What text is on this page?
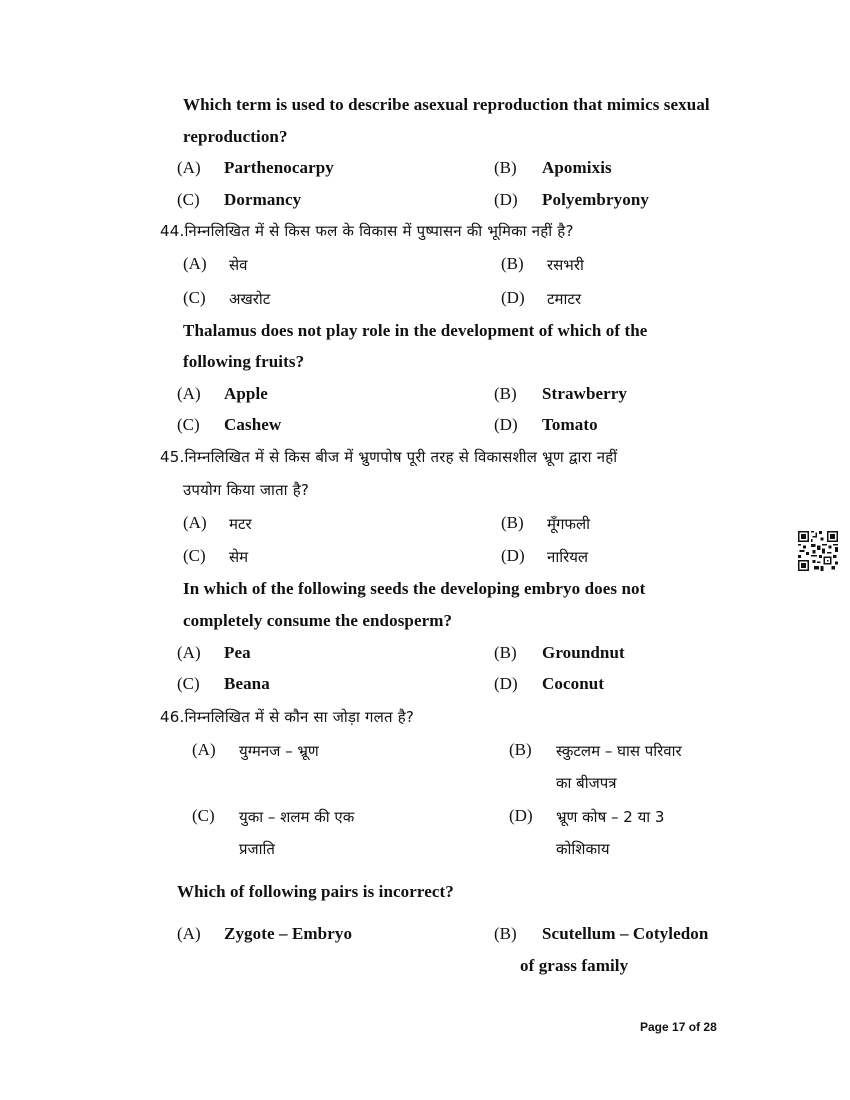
Which term is used to describe asexual reproduction that mimics sexual
reproduction?
(A) Parthenocarpy	(B) Apomixis
(C) Dormancy	(D) Polyembryony
44.निम्नलिखित में से किस फल के विकास में पुष्पासन की भूमिका नहीं है?
(A) सेव	(B) रसभरी
(C) अखरोट	(D) टमाटर
Thalamus does not play role in the development of which of the
following fruits?
(A) Apple	(B) Strawberry
(C) Cashew	(D) Tomato
45.निम्नलिखित में से किस बीज में भ्रुणपोष पूरी तरह से विकासशील भ्रूण द्वारा नहीं
उपयोग किया जाता है?
(A) मटर	(B) मूँगफली
(C) सेम	(D) नारियल
In which of the following seeds the developing embryo does not
completely consume the endosperm?
(A) Pea	(B) Groundnut
(C) Beana	(D) Coconut
46.निम्नलिखित में से कौन सा जोड़ा गलत है?
(A) युग्मनज – भ्रूण	(B) स्कुटलम – घास परिवार
का बीजपत्र
(C) युका – शलम की एक
प्रजाति
(D) भ्रूण कोष – 2 या 3
कोशिकाय
Which of following pairs is incorrect?
(A) Zygote – Embryo	(B) Scutellum – Cotyledon
of grass family
Page 17 of 28
